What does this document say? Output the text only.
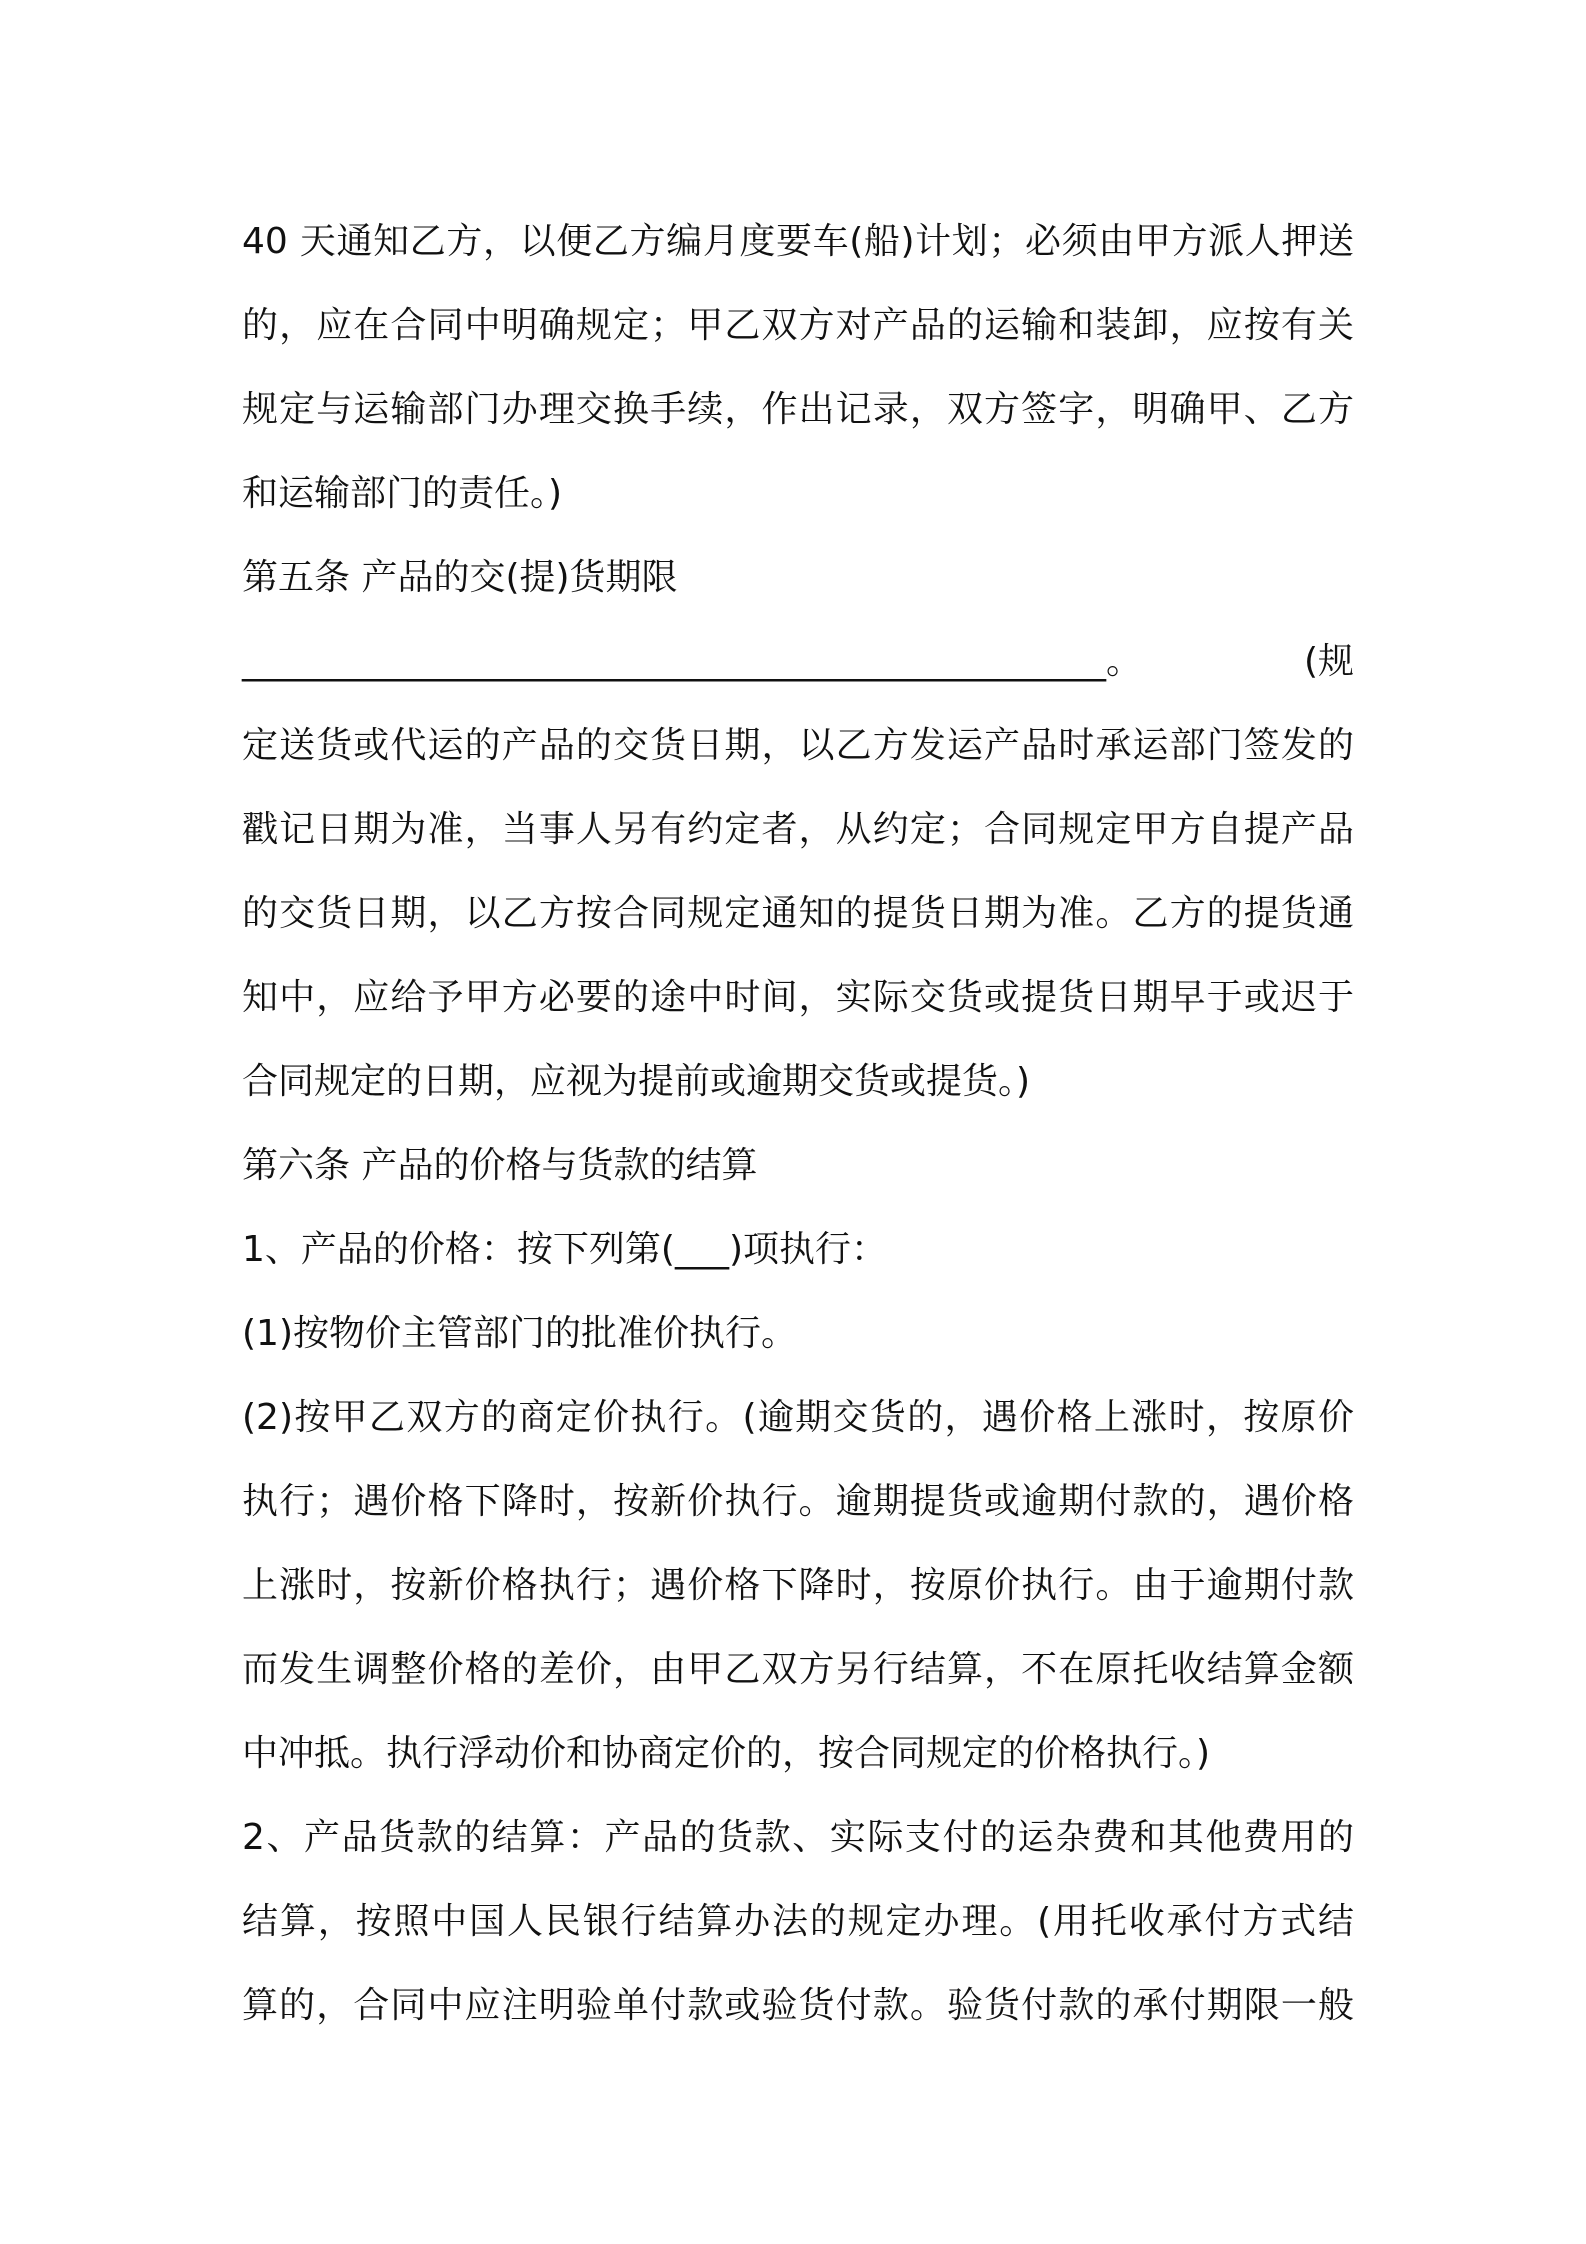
40 天通知乙方，以便乙方编月度要车(船)计划；必须由甲方派人押送
的，应在合同中明确规定；甲乙双方对产品的运输和装卸，应按有关
规定与运输部门办理交换手续，作出记录，双方签字，明确甲、乙方
和运输部门的责任。)
第五条 产品的交(提)货期限
________________________________________________。	(规
定送货或代运的产品的交货日期，以乙方发运产品时承运部门签发的
戳记日期为准，当事人另有约定者，从约定；合同规定甲方自提产品
的交货日期，以乙方按合同规定通知的提货日期为准。乙方的提货通
知中，应给予甲方必要的途中时间，实际交货或提货日期早于或迟于
合同规定的日期，应视为提前或逾期交货或提货。)
第六条 产品的价格与货款的结算
1、产品的价格：按下列第(___)项执行：
(1)按物价主管部门的批准价执行。
(2)按甲乙双方的商定价执行。(逾期交货的，遇价格上涨时，按原价
执行；遇价格下降时，按新价执行。逾期提货或逾期付款的，遇价格
上涨时，按新价格执行；遇价格下降时，按原价执行。由于逾期付款
而发生调整价格的差价，由甲乙双方另行结算，不在原托收结算金额
中冲抵。执行浮动价和协商定价的，按合同规定的价格执行。)
2、产品货款的结算：产品的货款、实际支付的运杂费和其他费用的
结算，按照中国人民银行结算办法的规定办理。(用托收承付方式结
算的，合同中应注明验单付款或验货付款。验货付款的承付期限一般
